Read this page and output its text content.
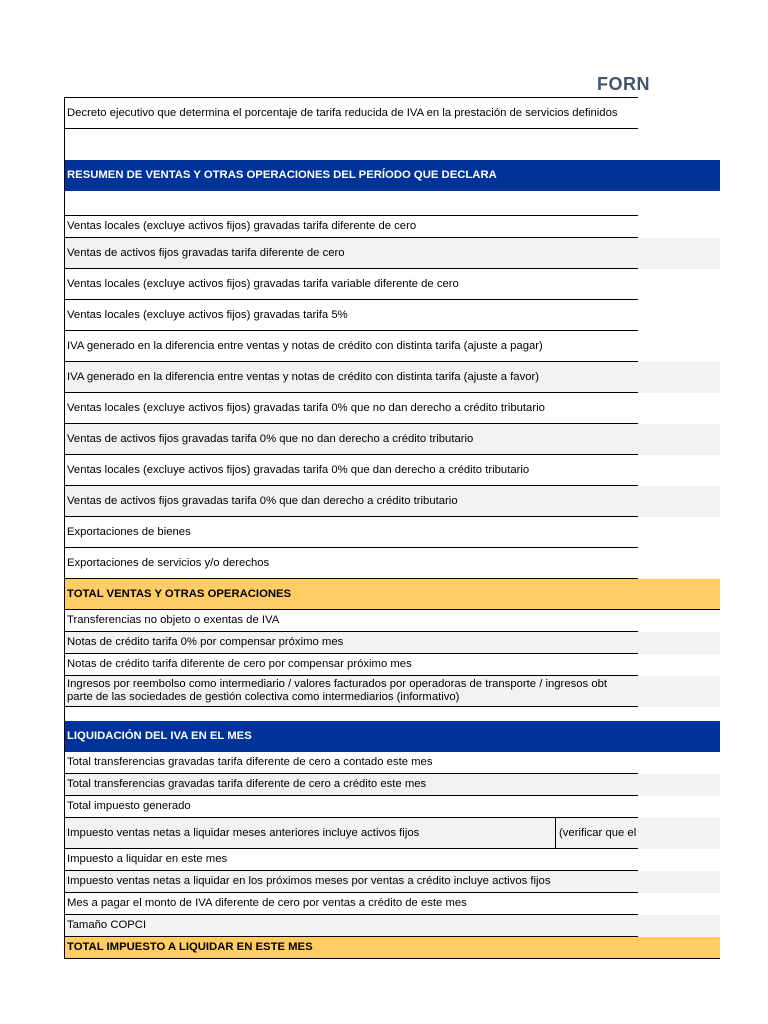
FORN
Decreto ejecutivo que determina el porcentaje de tarifa reducida de IVA en la prestación de servicios definidos
RESUMEN DE VENTAS Y OTRAS OPERACIONES DEL PERÍODO QUE DECLARA
Ventas locales (excluye activos fijos) gravadas tarifa diferente de cero
Ventas de activos fijos gravadas tarifa diferente de cero
Ventas locales (excluye activos fijos) gravadas tarifa variable diferente de cero
Ventas locales (excluye activos fijos) gravadas tarifa 5%
IVA generado en la diferencia entre ventas y notas de crédito con distinta tarifa (ajuste a pagar)
IVA generado en la diferencia entre ventas y notas de crédito con distinta tarifa (ajuste a favor)
Ventas locales (excluye activos fijos) gravadas tarifa 0% que no dan derecho a crédito tributario
Ventas de activos fijos gravadas tarifa 0% que no dan derecho a crédito tributario
Ventas locales (excluye activos fijos) gravadas tarifa 0% que dan derecho a crédito tributario
Ventas de activos fijos gravadas tarifa 0% que dan derecho a crédito tributario
Exportaciones de bienes
Exportaciones de servicios y/o derechos
TOTAL VENTAS Y OTRAS OPERACIONES
Transferencias no objeto o exentas de IVA
Notas de crédito tarifa 0% por compensar próximo mes
Notas de crédito tarifa diferente de cero por compensar próximo mes
Ingresos por reembolso como intermediario / valores facturados por operadoras de transporte / ingresos obt
parte de las sociedades de gestión colectiva como intermediarios (informativo)
LIQUIDACIÓN DEL IVA EN EL MES
Total transferencias gravadas tarifa diferente de cero a contado este mes
Total transferencias gravadas tarifa diferente de cero a crédito este mes
Total impuesto generado
Impuesto ventas netas a liquidar meses anteriores incluye activos fijos	(verificar que el
Impuesto a liquidar en este mes
Impuesto ventas netas a liquidar en los próximos meses por ventas a crédito incluye activos fijos
Mes a pagar el monto de IVA diferente de cero por ventas a crédito de este mes
Tamaño COPCI
TOTAL IMPUESTO A LIQUIDAR EN ESTE MES
